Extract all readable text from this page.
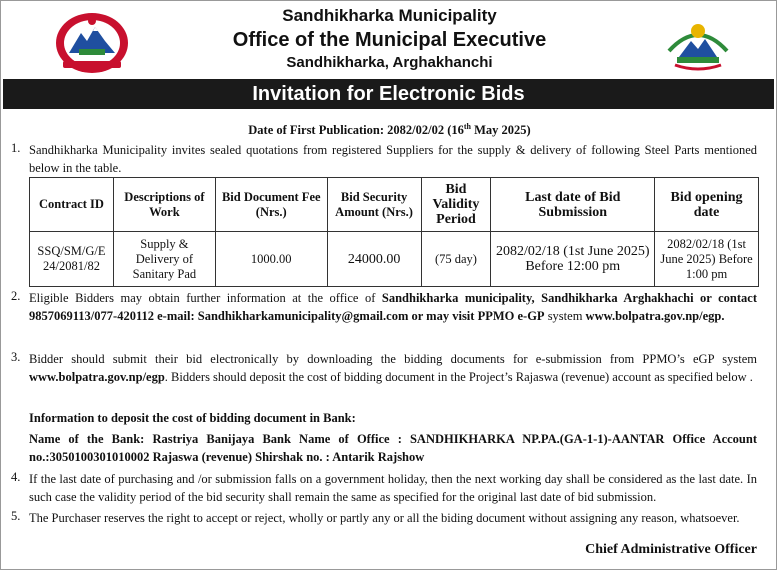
Sandhikharka Municipality
Office of the Municipal Executive
Sandhikharka, Arghakhanchi
Invitation for Electronic Bids
Date of First Publication: 2082/02/02 (16th May 2025)
1. Sandhikharka Municipality invites sealed quotations from registered Suppliers for the supply & delivery of following Steel Parts mentioned below in the table.
Contract ID	Descriptions of Work	Bid Document Fee (Nrs.)	Bid Security Amount (Nrs.)	Bid Validity Period	Last date of Bid Submission	Bid opening date
SSQ/SM/G/E 24/2081/82	Supply & Delivery of Sanitary Pad	1000.00	24000.00	(75 day)	2082/02/18 (1st June 2025) Before 12:00 pm	2082/02/18 (1st June 2025) Before 1:00 pm
2. Eligible Bidders may obtain further information at the office of Sandhikharka municipality, Sandhikharka Arghakhachi or contact 9857069113/077-420112 e-mail: Sandhikharkamunicipality@gmail.com or may visit PPMO e-GP system www.bolpatra.gov.np/egp.
3. Bidder should submit their bid electronically by downloading the bidding documents for e-submission from PPMO’s eGP system www.bolpatra.gov.np/egp. Bidders should deposit the cost of bidding document in the Project’s Rajaswa (revenue) account as specified below .
Information to deposit the cost of bidding document in Bank:
Name of the Bank: Rastriya Banijaya Bank Name of Office : SANDHIKHARKA NP.PA.(GA-1-1)-AANTAR Office Account no.:3050100301010002 Rajaswa (revenue) Shirshak no. : Antarik Rajshow
4. If the last date of purchasing and /or submission falls on a government holiday, then the next working day shall be considered as the last date. In such case the validity period of the bid security shall remain the same as specified for the original last date of bid submission.
5. The Purchaser reserves the right to accept or reject, wholly or partly any or all the biding document without assigning any reason, whatsoever.
Chief Administrative Officer
